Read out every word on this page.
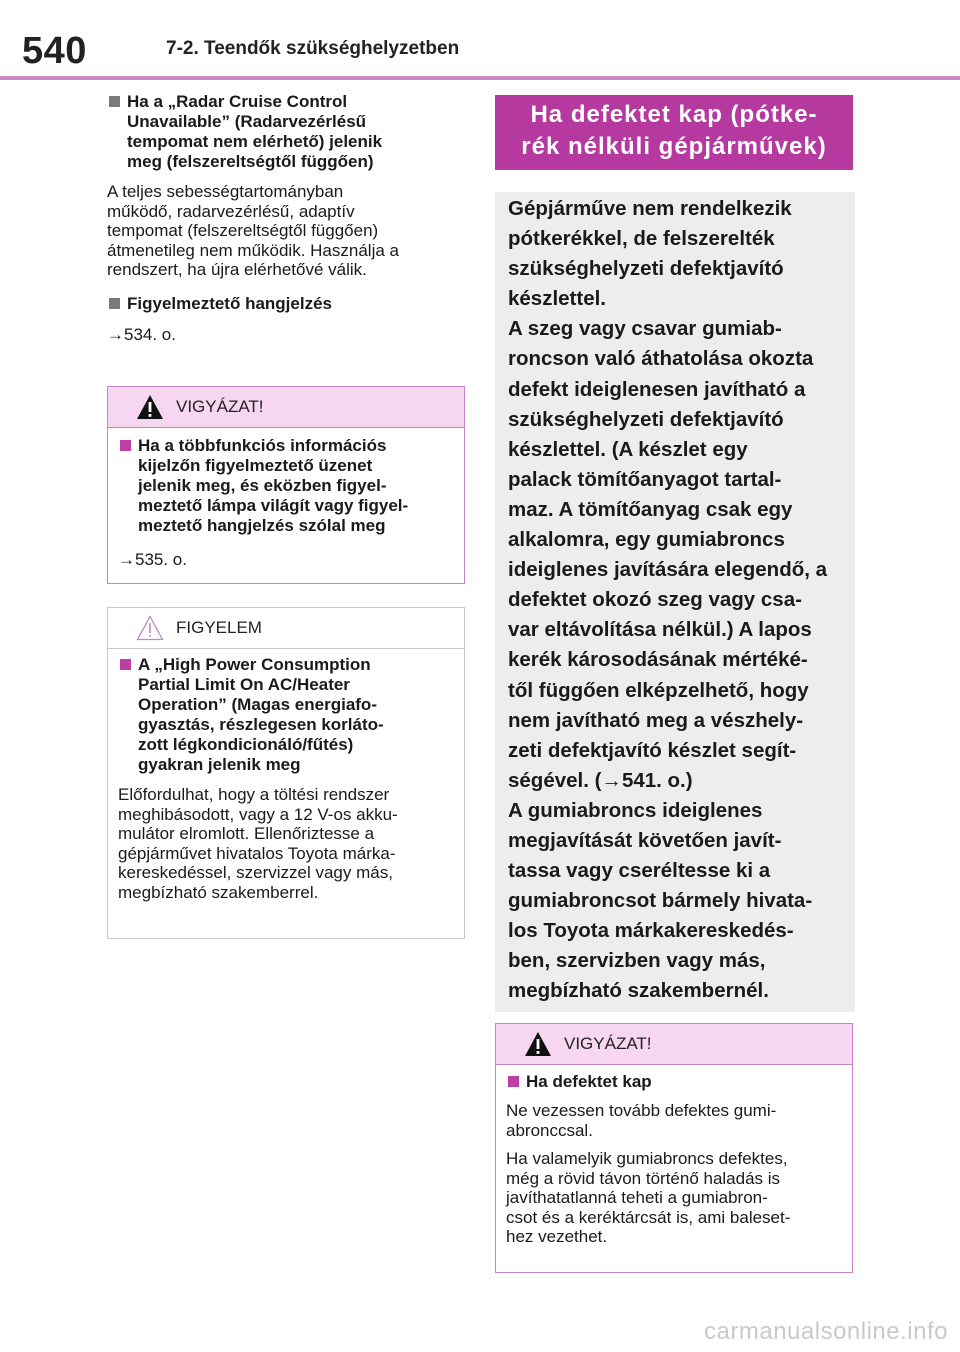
540	7-2. Teendők szükséghelyzetben
Ha a „Radar Cruise Control
Unavailable” (Radarvezérlésű
tempomat nem elérhető) jelenik
meg (felszereltségtől függően)
A teljes sebességtartományban
működő, radarvezérlésű, adaptív
tempomat (felszereltségtől függően)
átmenetileg nem működik. Használja a
rendszert, ha újra elérhetővé válik.
Figyelmeztető hangjelzés
→534. o.
VIGYÁZAT!
Ha a többfunkciós információs
kijelzőn figyelmeztető üzenet
jelenik meg, és eközben figyel-
meztető lámpa világít vagy figyel-
meztető hangjelzés szólal meg
→535. o.
FIGYELEM
A „High Power Consumption
Partial Limit On AC/Heater
Operation” (Magas energiafo-
gyasztás, részlegesen korláto-
zott légkondicionáló/fűtés)
gyakran jelenik meg
Előfordulhat, hogy a töltési rendszer
meghibásodott, vagy a 12 V-os akku-
mulátor elromlott. Ellenőriztesse a
gépjárművet hivatalos Toyota márka-
kereskedéssel, szervizzel vagy más,
megbízható szakemberrel.
Ha defektet kap (pótke-
rék nélküli gépjárművek)
Gépjárműve nem rendelkezik
pótkerékkel, de felszerelték
szükséghelyzeti defektjavító
készlettel.
A szeg vagy csavar gumiab-
roncson való áthatolása okozta
defekt ideiglenesen javítható a
szükséghelyzeti defektjavító
készlettel. (A készlet egy
palack tömítőanyagot tartal-
maz. A tömítőanyag csak egy
alkalomra, egy gumiabroncs
ideiglenes javítására elegendő, a
defektet okozó szeg vagy csa-
var eltávolítása nélkül.) A lapos
kerék károsodásának mértéké-
től függően elképzelhető, hogy
nem javítható meg a vészhely-
zeti defektjavító készlet segít-
ségével. (→541. o.)
A gumiabroncs ideiglenes
megjavítását követően javít-
tassa vagy cseréltesse ki a
gumiabroncsot bármely hivata-
los Toyota márkakereskedés-
ben, szervizben vagy más,
megbízható szakembernél.
VIGYÁZAT!
Ha defektet kap
Ne vezessen tovább defektes gumi-
abronccsal.
Ha valamelyik gumiabroncs defektes,
még a rövid távon történő haladás is
javíthatatlanná teheti a gumiabron-
csot és a keréktárcsát is, ami baleset-
hez vezethet.
carmanualsonline.info
